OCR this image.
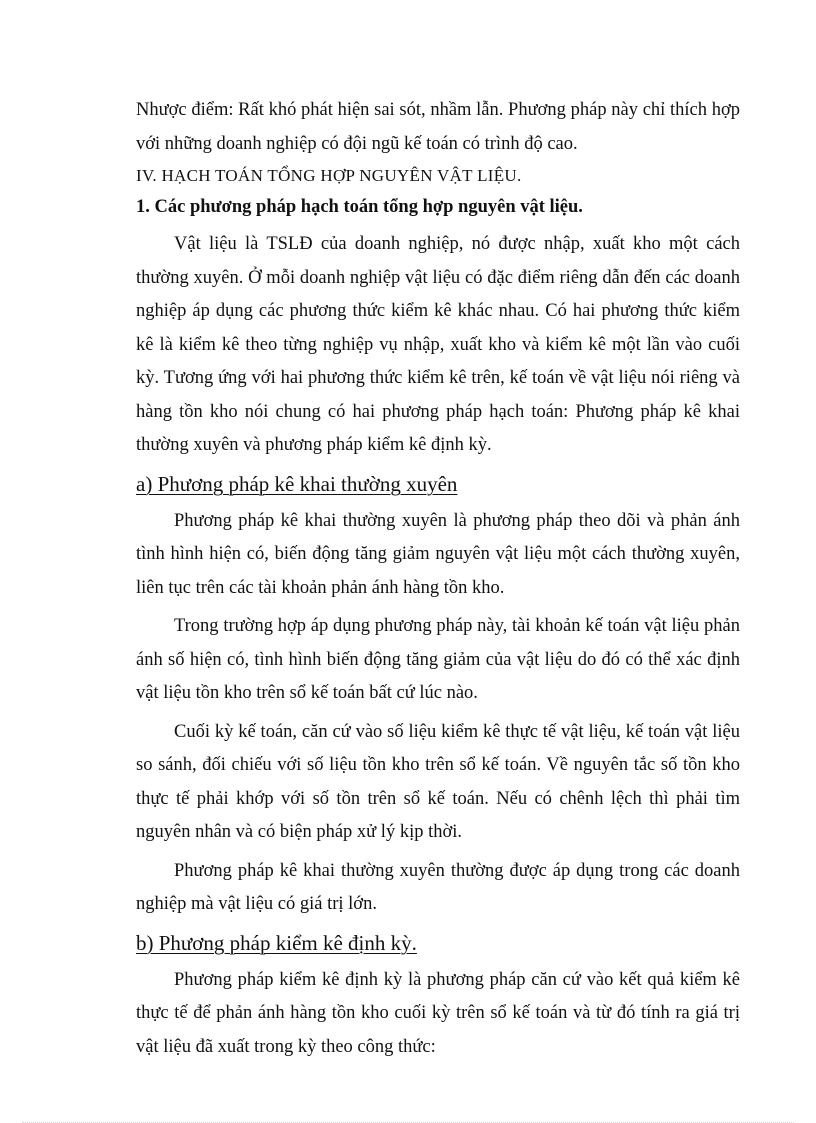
Nhược điểm: Rất khó phát hiện sai sót, nhầm lẫn. Phương pháp này chỉ thích hợp với những doanh nghiệp có đội ngũ kế toán có trình độ cao.

IV. HẠCH TOÁN TỔNG HỢP NGUYÊN VẬT LIỆU.

1. Các phương pháp hạch toán tổng hợp nguyên vật liệu.

Vật liệu là TSLĐ của doanh nghiệp, nó được nhập, xuất kho một cách thường xuyên. Ở mỗi doanh nghiệp vật liệu có đặc điểm riêng dẫn đến các doanh nghiệp áp dụng các phương thức kiểm kê khác nhau. Có hai phương thức kiểm kê là kiểm kê theo từng nghiệp vụ nhập, xuất kho và kiểm kê một lần vào cuối kỳ. Tương ứng với hai phương thức kiểm kê trên, kế toán về vật liệu nói riêng và hàng tồn kho nói chung có hai phương pháp hạch toán: Phương pháp kê khai thường xuyên và phương pháp kiểm kê định kỳ.

a) Phương pháp kê khai thường xuyên

Phương pháp kê khai thường xuyên là phương pháp theo dõi và phản ánh tình hình hiện có, biến động tăng giảm nguyên vật liệu một cách thường xuyên, liên tục trên các tài khoản phản ánh hàng tồn kho.

Trong trường hợp áp dụng phương pháp này, tài khoản kế toán vật liệu phản ánh số hiện có, tình hình biến động tăng giảm của vật liệu do đó có thể xác định vật liệu tồn kho trên sổ kế toán bất cứ lúc nào.

Cuối kỳ kế toán, căn cứ vào số liệu kiểm kê thực tế vật liệu, kế toán vật liệu so sánh, đối chiếu với số liệu tồn kho trên sổ kế toán. Về nguyên tắc số tồn kho thực tế phải khớp với số tồn trên sổ kế toán. Nếu có chênh lệch thì phải tìm nguyên nhân và có biện pháp xử lý kịp thời.

Phương pháp kê khai thường xuyên thường được áp dụng trong các doanh nghiệp mà vật liệu có giá trị lớn.

b) Phương pháp kiểm kê định kỳ.

Phương pháp kiểm kê định kỳ là phương pháp căn cứ vào kết quả kiểm kê thực tế để phản ánh hàng tồn kho cuối kỳ trên sổ kế toán và từ đó tính ra giá trị vật liệu đã xuất trong kỳ theo công thức:
